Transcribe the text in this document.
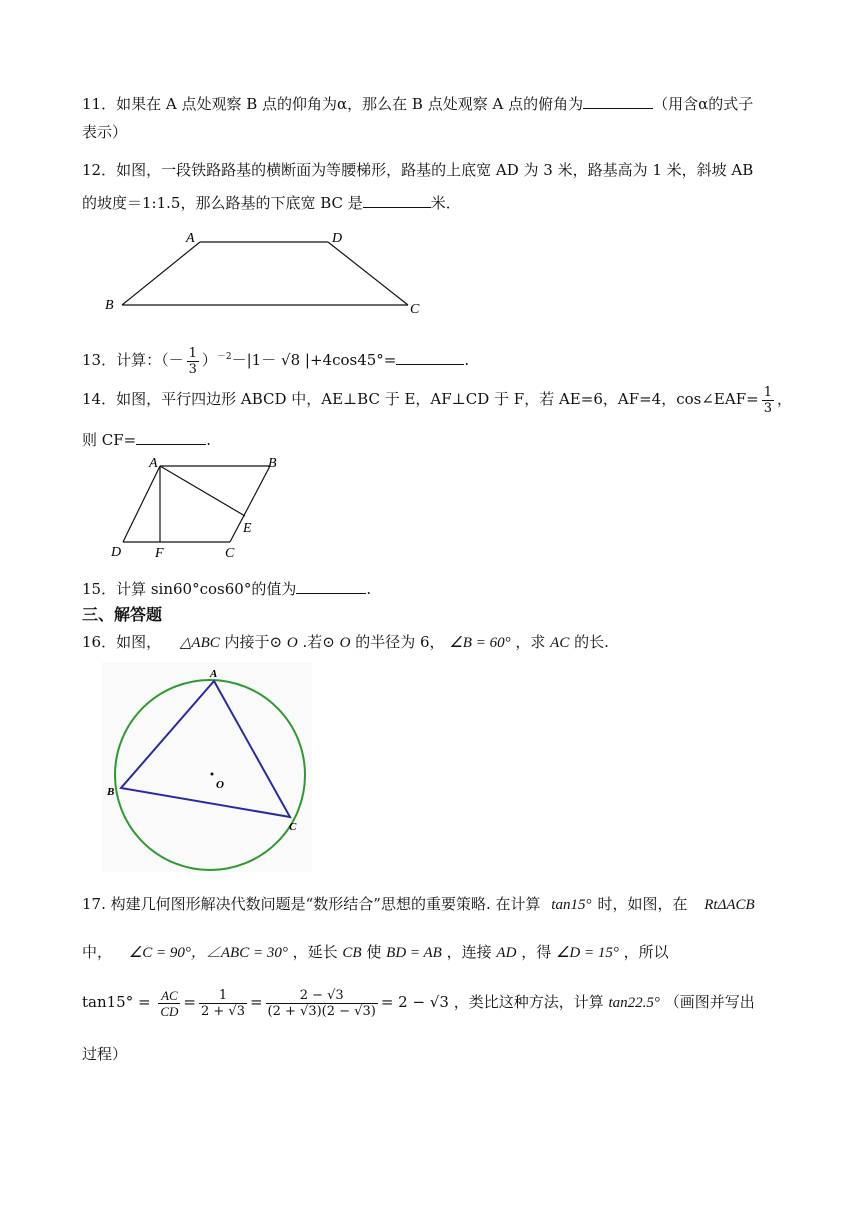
11．如果在 A 点处观察 B 点的仰角为α，那么在 B 点处观察 A 点的俯角为	（用含α的式子
表示）
12．如图，一段铁路路基的横断面为等腰梯形，路基的上底宽 AD 为 3 米，路基高为 1 米，斜坡 AB
的坡度＝1:1.5，那么路基的下底宽 BC 是	米．
A	D
B	C
13．计算：（－ $\frac{1}{3} )^{-2}-|1- √8$ |+4cos45°=	.
14．如图，平行四边形 ABCD 中，AE⊥BC 于 E，AF⊥CD 于 F，若 AE=6，AF=4，cos∠EAF= $\frac{1}{3}$ ，
则 CF=	.
A	B
E
D F	C
15．计算 sin60°cos60°的值为	.
三、解答题
16．如图， △ABC 内接于⊙ O .若⊙ O 的半径为 6， ∠B = 60° ，求 AC 的长.
A
B
C
O
17. 构建几何图形解决代数问题是“数形结合”思想的重要策略. 在计算 tan15° 时，如图，在 RtΔACB
中， ∠C = 90°，∠ABC = 30° ，延长 CB 使 BD = AB ，连接 AD ，得 ∠D = 15° ，所以
$\tan 15^\circ = \frac{AC}{CD} = \frac{1}{2 + √3} = \frac{2 - √3}{(2 + √3)(2 - √3)} = 2 - √3$ ，类比这种方法，计算 tan22.5° （画图并写出
过程）
